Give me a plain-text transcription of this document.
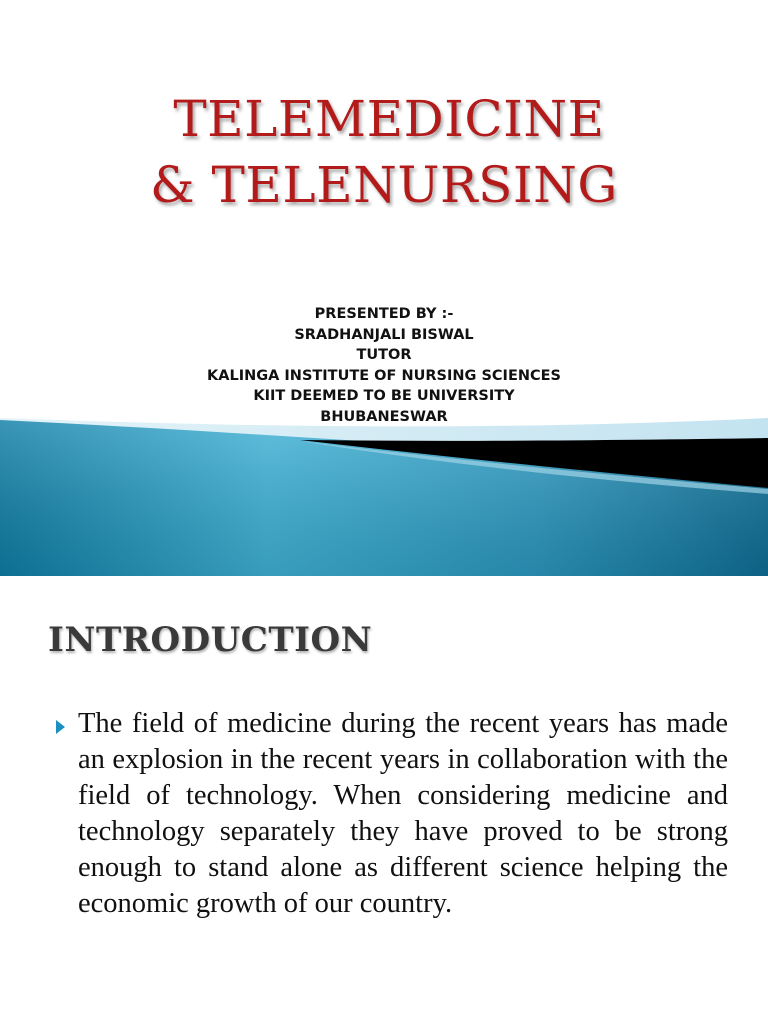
TELEMEDICINE
& TELENURSING
PRESENTED BY :-
SRADHANJALI BISWAL
TUTOR
KALINGA INSTITUTE OF NURSING SCIENCES
KIIT DEEMED TO BE UNIVERSITY
BHUBANESWAR
INTRODUCTION
The field of medicine during the recent years has made an explosion in the recent years in collaboration with the field of technology. When considering medicine and technology separately they have proved to be strong enough to stand alone as different science helping the economic growth of our country.
